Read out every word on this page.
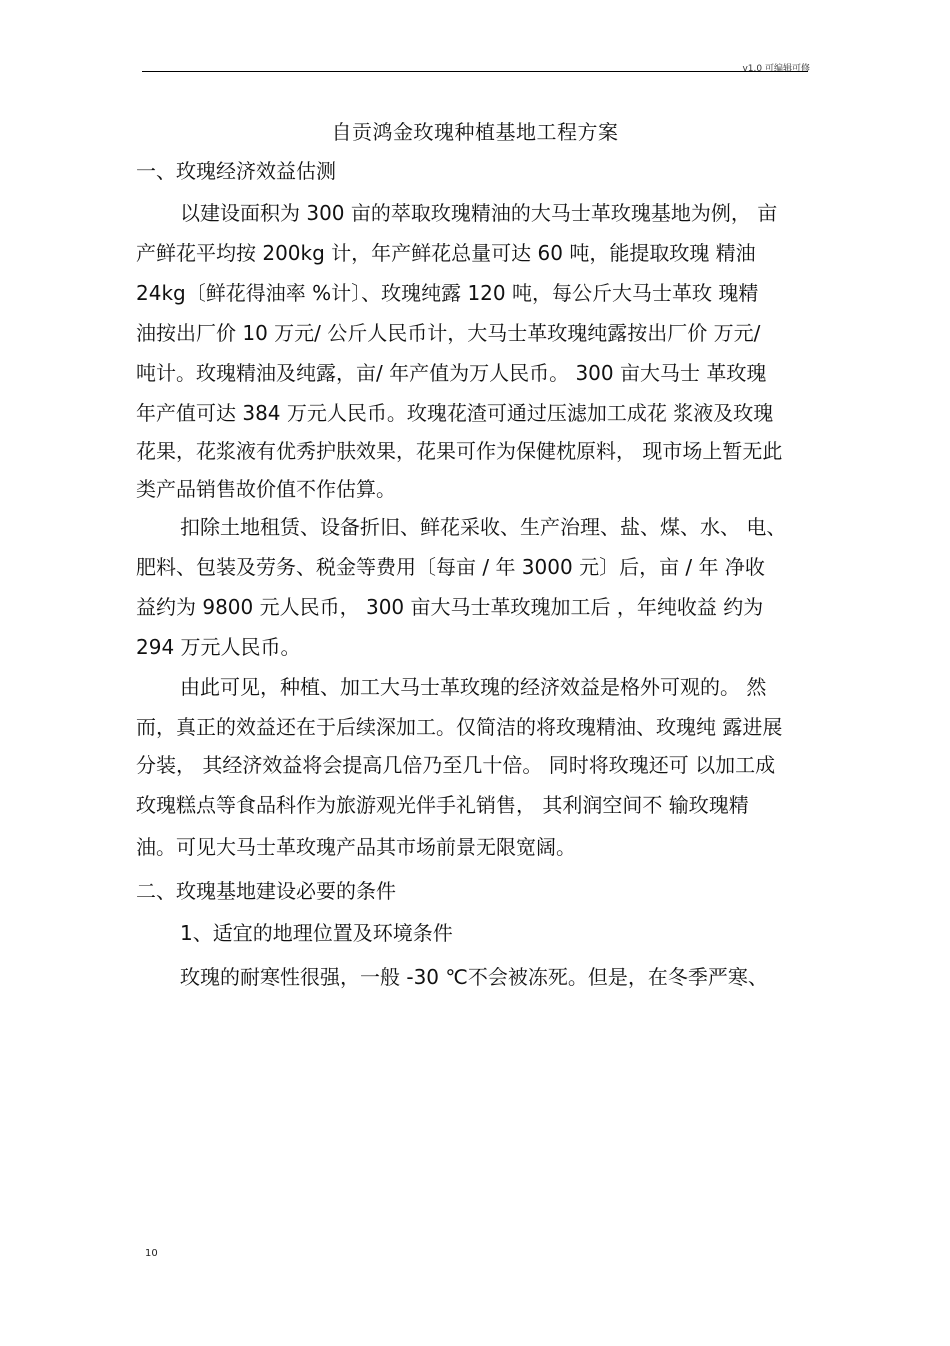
v1.0 可编辑可修
自贡鸿金玫瑰种植基地工程方案
一、玫瑰经济效益估测
以建设面积为 300 亩的萃取玫瑰精油的大马士革玫瑰基地为例， 亩
产鲜花平均按 200kg 计，年产鲜花总量可达 60 吨，能提取玫瑰 精油
24kg〔鲜花得油率 %计〕、玫瑰纯露 120 吨，每公斤大马士革玫 瑰精
油按出厂价 10 万元/ 公斤人民币计，大马士革玫瑰纯露按出厂价 万元/
吨计。玫瑰精油及纯露，亩/ 年产值为万人民币。 300 亩大马士 革玫瑰
年产值可达 384 万元人民币。玫瑰花渣可通过压滤加工成花 浆液及玫瑰
花果，花浆液有优秀护肤效果，花果可作为保健枕原料， 现市场上暂无此
类产品销售故价值不作估算。
扣除土地租赁、设备折旧、鲜花采收、生产治理、盐、煤、水、 电、
肥料、包装及劳务、税金等费用〔每亩 / 年 3000 元〕后，亩 / 年 净收
益约为 9800 元人民币， 300 亩大马士革玫瑰加工后 ，年纯收益 约为
294 万元人民币。
由此可见，种植、加工大马士革玫瑰的经济效益是格外可观的。 然
而，真正的效益还在于后续深加工。仅简洁的将玫瑰精油、玫瑰纯 露进展
分装， 其经济效益将会提高几倍乃至几十倍。 同时将玫瑰还可 以加工成
玫瑰糕点等食品科作为旅游观光伴手礼销售， 其利润空间不 输玫瑰精
油。可见大马士革玫瑰产品其市场前景无限宽阔。
二、玫瑰基地建设必要的条件
1、适宜的地理位置及环境条件
玫瑰的耐寒性很强，一般 -30 ℃不会被冻死。但是，在冬季严寒、
10
